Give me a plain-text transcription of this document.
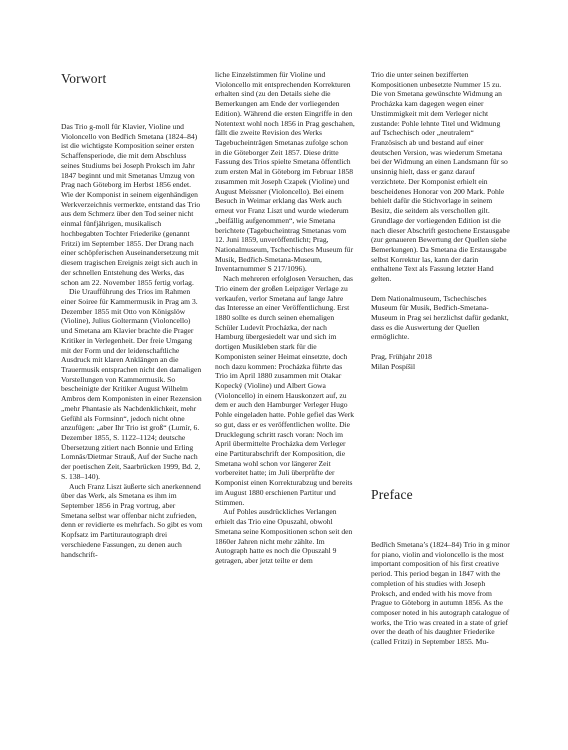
Vorwort

Das Trio g-moll für Klavier, Violine und Violoncello von Bedřich Smetana (1824–84) ist die wichtigste Komposition seiner ersten Schaffensperiode, die mit dem Abschluss seines Studiums bei Joseph Proksch im Jahr 1847 beginnt und mit Smetanas Umzug von Prag nach Göteborg im Herbst 1856 endet. Wie der Komponist in seinem eigenhändigen Werkverzeichnis vermerkte, entstand das Trio aus dem Schmerz über den Tod seiner nicht einmal fünfjährigen, musikalisch hochbegabten Tochter Friederike (genannt Fritzi) im September 1855. Der Drang nach einer schöpferischen Auseinandersetzung mit diesem tragischen Ereignis zeigt sich auch in der schnellen Entstehung des Werks, das schon am 22. November 1855 fertig vorlag.

Die Uraufführung des Trios im Rahmen einer Soiree für Kammermusik in Prag am 3. Dezember 1855 mit Otto von Königslöw (Violine), Julius Goltermann (Violoncello) und Smetana am Klavier brachte die Prager Kritiker in Verlegenheit. Der freie Umgang mit der Form und der leidenschaftliche Ausdruck mit klaren Anklängen an die Trauermusik entsprachen nicht den damaligen Vorstellungen von Kammermusik. So bescheinigte der Kritiker August Wilhelm Ambros dem Komponisten in einer Rezension „mehr Phantasie als Nachdenklichkeit, mehr Gefühl als Formsinn“, jedoch nicht ohne anzufügen: „aber Ihr Trio ist groß“ (Lumír, 6. Dezember 1855, S. 1122–1124; deutsche Übersetzung zitiert nach Bonnie und Erling Lomnäs/Dietmar Strauß, Auf der Suche nach der poetischen Zeit, Saarbrücken 1999, Bd. 2, S. 138–140).

Auch Franz Liszt äußerte sich anerkennend über das Werk, als Smetana es ihm im September 1856 in Prag vortrug, aber Smetana selbst war offenbar nicht zufrieden, denn er revidierte es mehrfach. So gibt es vom Kopfsatz im Partiturautograph drei verschiedene Fassungen, zu denen auch handschrift-

liche Einzelstimmen für Violine und Violoncello mit entsprechenden Korrekturen erhalten sind (zu den Details siehe die Bemerkungen am Ende der vorliegenden Edition). Während die ersten Eingriffe in den Notentext wohl noch 1856 in Prag geschahen, fällt die zweite Revision des Werks Tagebucheinträgen Smetanas zufolge schon in die Göteborger Zeit 1857. Diese dritte Fassung des Trios spielte Smetana öffentlich zum ersten Mal in Göteborg im Februar 1858 zusammen mit Joseph Czapek (Violine) und August Meissner (Violoncello). Bei einem Besuch in Weimar erklang das Werk auch erneut vor Franz Liszt und wurde wiederum „beifällig aufgenommen“, wie Smetana berichtete (Tagebucheintrag Smetanas vom 12. Juni 1859, unveröffentlicht; Prag, Nationalmuseum, Tschechisches Museum für Musik, Bedřich-Smetana-Museum, Inventarnummer S 217/1096).

Nach mehreren erfolglosen Versuchen, das Trio einem der großen Leipziger Verlage zu verkaufen, verlor Smetana auf lange Jahre das Interesse an einer Veröffentlichung. Erst 1880 sollte es durch seinen ehemaligen Schüler Ludevít Procházka, der nach Hamburg übergesiedelt war und sich im dortigen Musikleben stark für die Komponisten seiner Heimat einsetzte, doch noch dazu kommen: Procházka führte das Trio im April 1880 zusammen mit Otakar Kopecký (Violine) und Albert Gowa (Violoncello) in einem Hauskonzert auf, zu dem er auch den Hamburger Verleger Hugo Pohle eingeladen hatte. Pohle gefiel das Werk so gut, dass er es veröffentlichen wollte. Die Drucklegung schritt rasch voran: Noch im April übermittelte Procházka dem Verleger eine Partiturabschrift der Komposition, die Smetana wohl schon vor längerer Zeit vorbereitet hatte; im Juli überprüfte der Komponist einen Korrekturabzug und bereits im August 1880 erschienen Partitur und Stimmen.

Auf Pohles ausdrückliches Verlangen erhielt das Trio eine Opuszahl, obwohl Smetana seine Kompositionen schon seit den 1860er Jahren nicht mehr zählte. Im Autograph hatte es noch die Opuszahl 9 getragen, aber jetzt teilte er dem

Trio die unter seinen bezifferten Kompositionen unbesetzte Nummer 15 zu. Die von Smetana gewünschte Widmung an Procházka kam dagegen wegen einer Unstimmigkeit mit dem Verleger nicht zustande: Pohle lehnte Titel und Widmung auf Tschechisch oder „neutralem“ Französisch ab und bestand auf einer deutschen Version, was wiederum Smetana bei der Widmung an einen Landsmann für so unsinnig hielt, dass er ganz darauf verzichtete. Der Komponist erhielt ein bescheidenes Honorar von 200 Mark. Pohle behielt dafür die Stichvorlage in seinem Besitz, die seitdem als verschollen gilt. Grundlage der vorliegenden Edition ist die nach dieser Abschrift gestochene Erstausgabe (zur genaueren Bewertung der Quellen siehe Bemerkungen). Da Smetana die Erstausgabe selbst Korrektur las, kann der darin enthaltene Text als Fassung letzter Hand gelten.

Dem Nationalmuseum, Tschechisches Museum für Musik, Bedřich-Smetana-Museum in Prag sei herzlichst dafür gedankt, dass es die Auswertung der Quellen ermöglichte.

Prag, Frühjahr 2018

Milan Pospíšil

Preface

Bedřich Smetana’s (1824–84) Trio in g minor for piano, violin and violoncello is the most important composition of his first creative period. This period began in 1847 with the completion of his studies with Joseph Proksch, and ended with his move from Prague to Göteborg in autumn 1856. As the composer noted in his autograph catalogue of works, the Trio was created in a state of grief over the death of his daughter Friederike (called Fritzi) in September 1855. Mu-
